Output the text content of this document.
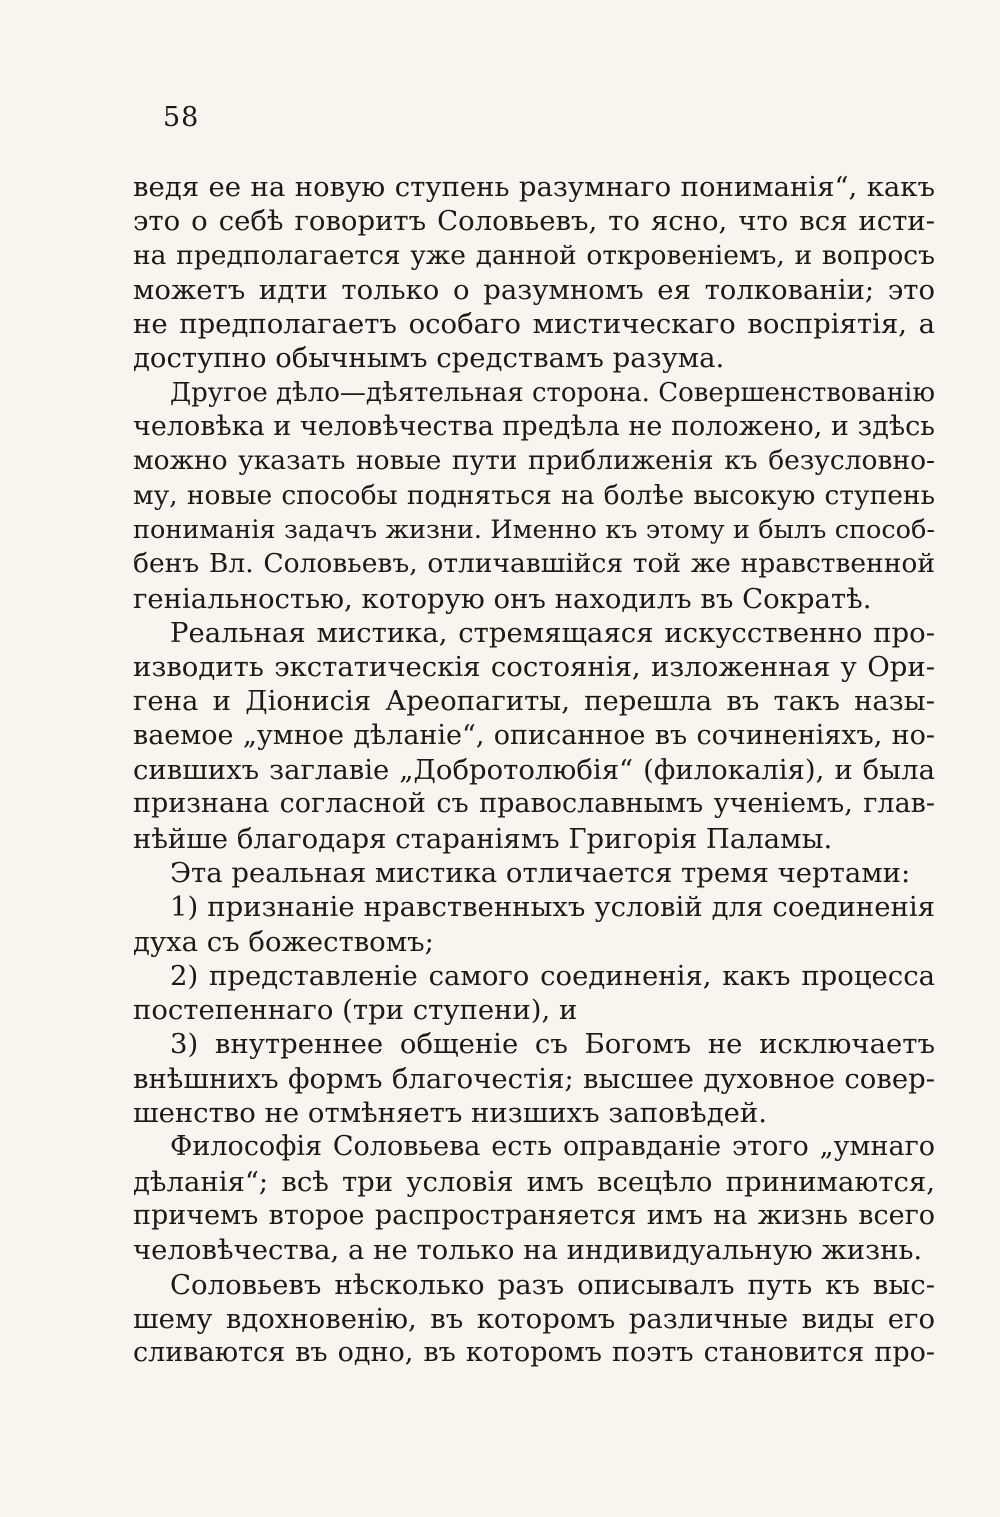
58
ведя ее на новую ступень разумнаго пониманія“, какъ
это о себѣ говоритъ Соловьевъ, то ясно, что вся исти-
на предполагается уже данной откровеніемъ, и вопросъ
можетъ идти только о разумномъ ея толкованіи; это
не предполагаетъ особаго мистическаго воспріятія, а
доступно обычнымъ средствамъ разума.
Другое дѣло—дѣятельная сторона. Совершенствованію
человѣка и человѣчества предѣла не положено, и здѣсь
можно указать новые пути приближенія къ безусловно-
му, новые способы подняться на болѣе высокую ступень
пониманія задачъ жизни. Именно къ этому и былъ способ-
бенъ Вл. Соловьевъ, отличавшійся той же нравственной
геніальностью, которую онъ находилъ въ Сократѣ.
Реальная мистика, стремящаяся искусственно про-
изводить экстатическія состоянія, изложенная у Ори-
гена и Діонисія Ареопагиты, перешла въ такъ назы-
ваемое „умное дѣланіе“, описанное въ сочиненіяхъ, но-
сившихъ заглавіе „Добротолюбія“ (филокалія), и была
признана согласной съ православнымъ ученіемъ, глав-
нѣйше благодаря стараніямъ Григорія Паламы.
Эта реальная мистика отличается тремя чертами:
1) признаніе нравственныхъ условій для соединенія
духа съ божествомъ;
2) представленіе самого соединенія, какъ процесса
постепеннаго (три ступени), и
3) внутреннее общеніе съ Богомъ не исключаетъ
внѣшнихъ формъ благочестія; высшее духовное совер-
шенство не отмѣняетъ низшихъ заповѣдей.
Философія Соловьева есть оправданіе этого „умнаго
дѣланія“; всѣ три условія имъ всецѣло принимаются,
причемъ второе распространяется имъ на жизнь всего
человѣчества, а не только на индивидуальную жизнь.
Соловьевъ нѣсколько разъ описывалъ путь къ выс-
шему вдохновенію, въ которомъ различные виды его
сливаются въ одно, въ которомъ поэтъ становится про-
